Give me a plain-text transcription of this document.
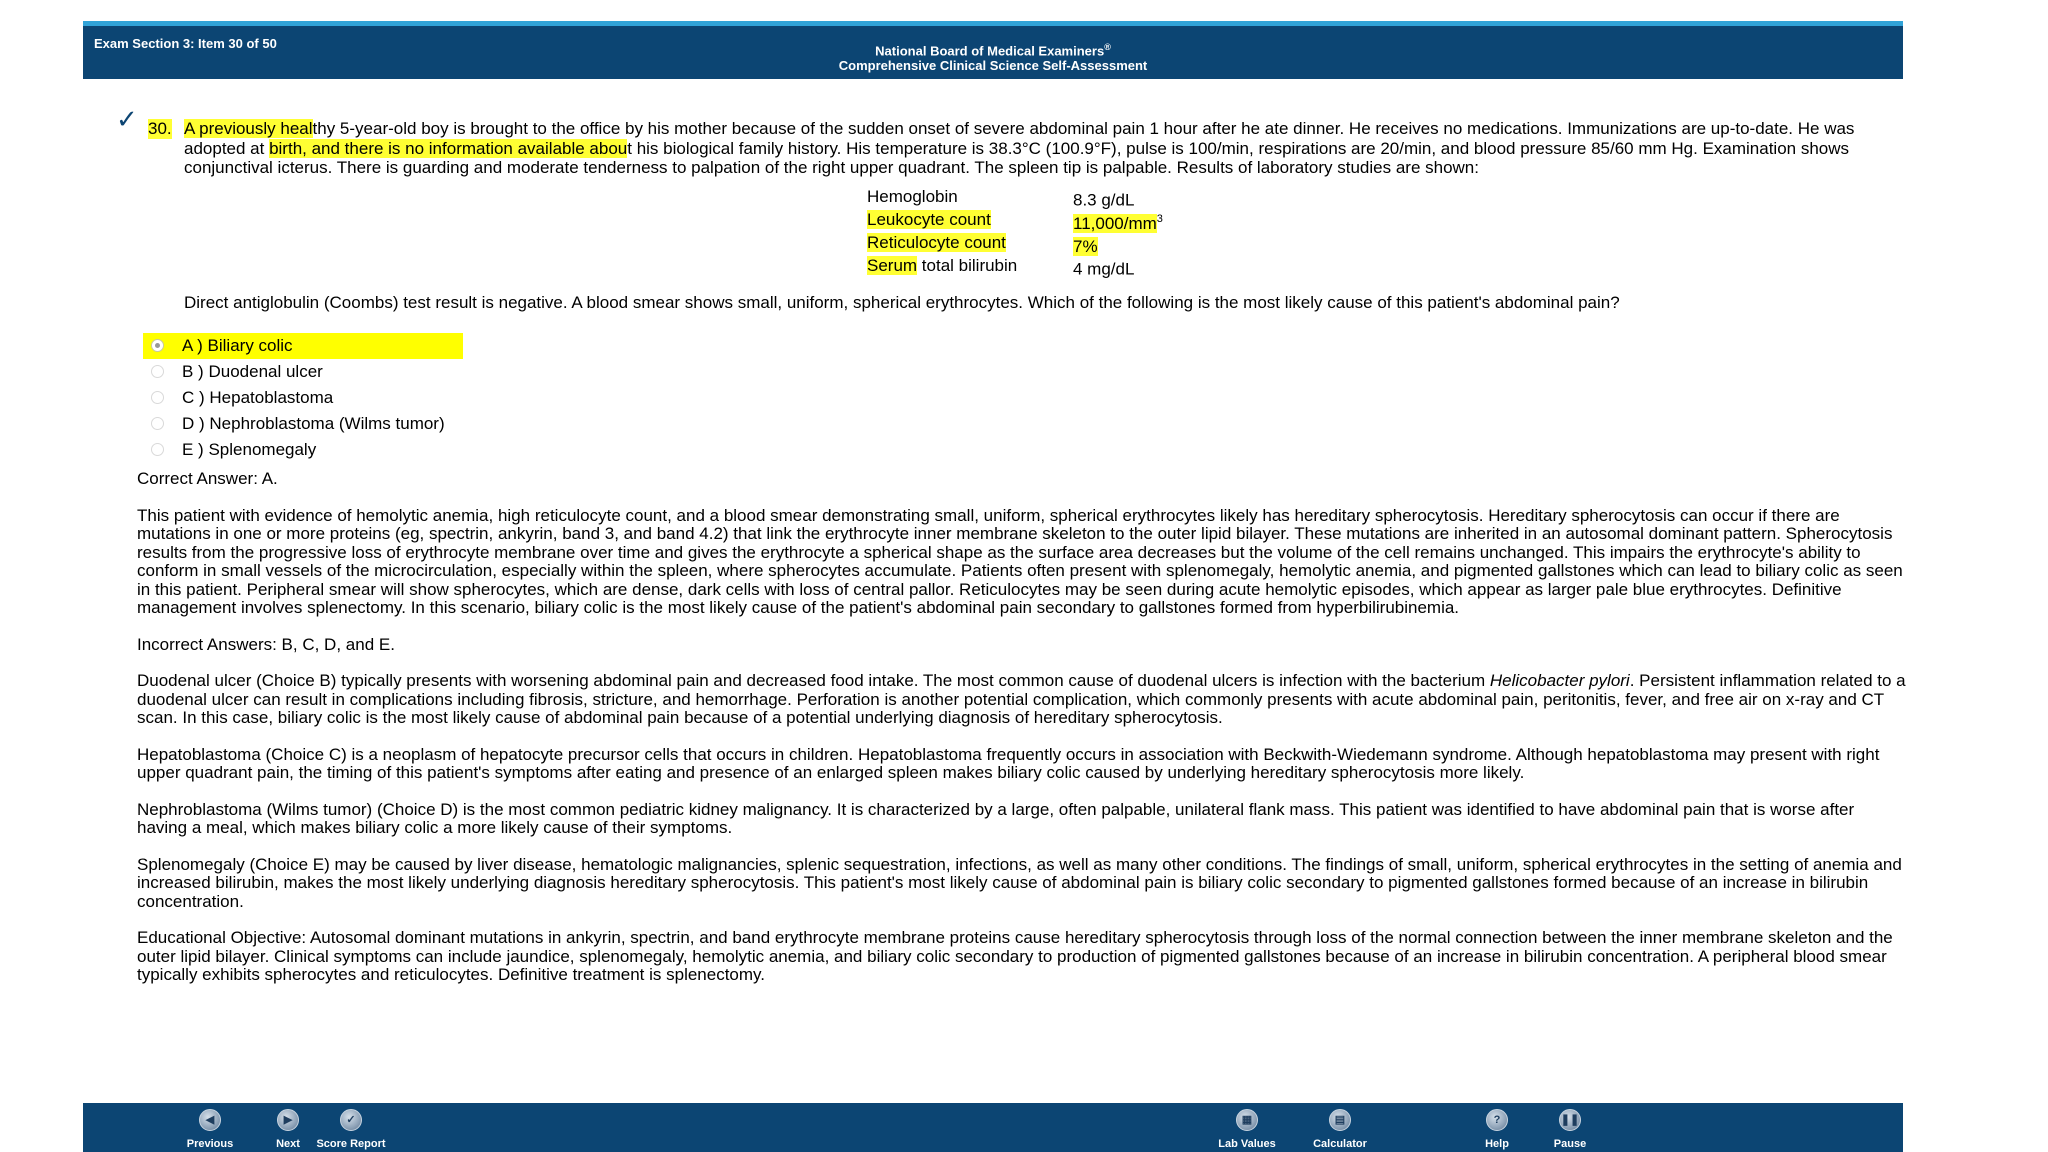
Exam Section 3: Item 30 of 50	National Board of Medical Examiners®
Comprehensive Clinical Science Self-Assessment
✓ 30. A previously healthy 5-year-old boy is brought to the office by his mother because of the sudden onset of severe abdominal pain 1 hour after he ate dinner. He receives no medications. Immunizations are up-to-date. He was adopted at birth, and there is no information available about his biological family history. His temperature is 38.3°C (100.9°F), pulse is 100/min, respirations are 20/min, and blood pressure 85/60 mm Hg. Examination shows conjunctival icterus. There is guarding and moderate tenderness to palpation of the right upper quadrant. The spleen tip is palpable. Results of laboratory studies are shown:
Hemoglobin	8.3 g/dL
Leukocyte count	$11,000/mm^3$
Reticulocyte count	7%
Serum total bilirubin	4 mg/dL
Direct antiglobulin (Coombs) test result is negative. A blood smear shows small, uniform, spherical erythrocytes. Which of the following is the most likely cause of this patient's abdominal pain?
A ) Biliary colic
B ) Duodenal ulcer
C ) Hepatoblastoma
D ) Nephroblastoma (Wilms tumor)
E ) Splenomegaly

Correct Answer: A.

This patient with evidence of hemolytic anemia, high reticulocyte count, and a blood smear demonstrating small, uniform, spherical erythrocytes likely has hereditary spherocytosis. Hereditary spherocytosis can occur if there are mutations in one or more proteins (eg, spectrin, ankyrin, band 3, and band 4.2) that link the erythrocyte inner membrane skeleton to the outer lipid bilayer. These mutations are inherited in an autosomal dominant pattern. Spherocytosis results from the progressive loss of erythrocyte membrane over time and gives the erythrocyte a spherical shape as the surface area decreases but the volume of the cell remains unchanged. This impairs the erythrocyte's ability to conform in small vessels of the microcirculation, especially within the spleen, where spherocytes accumulate. Patients often present with splenomegaly, hemolytic anemia, and pigmented gallstones which can lead to biliary colic as seen in this patient. Peripheral smear will show spherocytes, which are dense, dark cells with loss of central pallor. Reticulocytes may be seen during acute hemolytic episodes, which appear as larger pale blue erythrocytes. Definitive management involves splenectomy. In this scenario, biliary colic is the most likely cause of the patient's abdominal pain secondary to gallstones formed from hyperbilirubinemia.

Incorrect Answers: B, C, D, and E.

Duodenal ulcer (Choice B) typically presents with worsening abdominal pain and decreased food intake. The most common cause of duodenal ulcers is infection with the bacterium Helicobacter pylori. Persistent inflammation related to a duodenal ulcer can result in complications including fibrosis, stricture, and hemorrhage. Perforation is another potential complication, which commonly presents with acute abdominal pain, peritonitis, fever, and free air on x-ray and CT scan. In this case, biliary colic is the most likely cause of abdominal pain because of a potential underlying diagnosis of hereditary spherocytosis.

Hepatoblastoma (Choice C) is a neoplasm of hepatocyte precursor cells that occurs in children. Hepatoblastoma frequently occurs in association with Beckwith-Wiedemann syndrome. Although hepatoblastoma may present with right upper quadrant pain, the timing of this patient's symptoms after eating and presence of an enlarged spleen makes biliary colic caused by underlying hereditary spherocytosis more likely.

Nephroblastoma (Wilms tumor) (Choice D) is the most common pediatric kidney malignancy. It is characterized by a large, often palpable, unilateral flank mass. This patient was identified to have abdominal pain that is worse after having a meal, which makes biliary colic a more likely cause of their symptoms.

Splenomegaly (Choice E) may be caused by liver disease, hematologic malignancies, splenic sequestration, infections, as well as many other conditions. The findings of small, uniform, spherical erythrocytes in the setting of anemia and increased bilirubin, makes the most likely underlying diagnosis hereditary spherocytosis. This patient's most likely cause of abdominal pain is biliary colic secondary to pigmented gallstones formed because of an increase in bilirubin concentration.

Educational Objective: Autosomal dominant mutations in ankyrin, spectrin, and band erythrocyte membrane proteins cause hereditary spherocytosis through loss of the normal connection between the inner membrane skeleton and the outer lipid bilayer. Clinical symptoms can include jaundice, splenomegaly, hemolytic anemia, and biliary colic secondary to production of pigmented gallstones because of an increase in bilirubin concentration. A peripheral blood smear typically exhibits spherocytes and reticulocytes. Definitive treatment is splenectomy.

◀
Previous
▶
Next
✓
Score Report
▦
Lab Values
▤
Calculator
?
Help
❚❚
Pause
